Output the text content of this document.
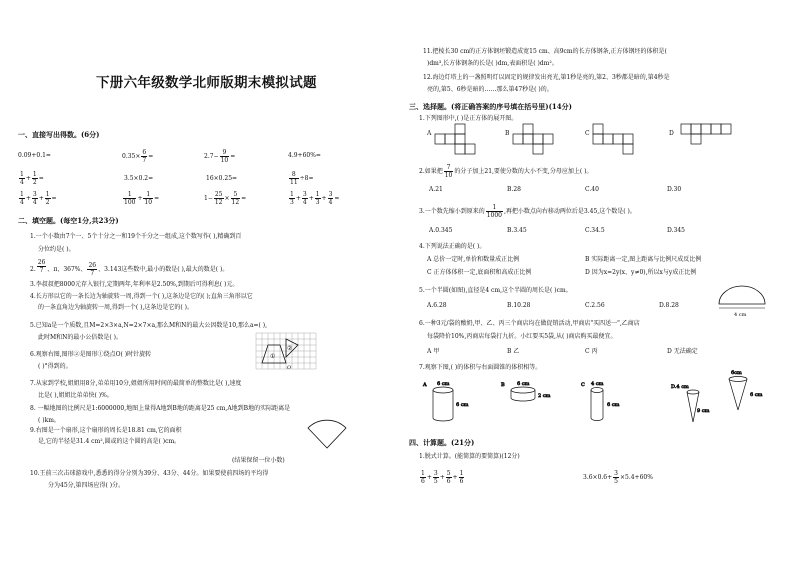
下册六年级数学北师版期末模拟试题
一、直接写出得数。(6分)
0.09+0.1=	$0.35\times \frac{6}{7}$ =	$2.7- \frac{9}{10}$ =	4.9+60%=
$\frac{1}{4} + \frac{1}{2}$ =	3.5×0.2=	16×0.25=	$\frac{8}{11} \div 8=$
$\frac{1}{4} + \frac{3}{4} + \frac{1}{2}$ =	$\frac{1}{100} + \frac{1}{10}$ =	$1- \frac{25}{12} \times \frac{5}{12}$ =	$\frac{1}{3} + \frac{3}{4} + \frac{1}{3} + \frac{3}{4}$ =
二、填空题。(每空1分,共23分)
1.一个小数由7个一、5个十分之一和19个千分之一组成,这个数写作( ),精确到百
分位约是( )。
2. $\frac{26}{7}$ 、π、367%、 $\frac{26}{7}$ 、3.143这些数中,最小的数是( ),最大的数是( )。
3.李叔叔把8000元存入银行,定期两年,年利率是2.50%,到期后可得利息( )元。
4.长方形以它的一条长边为轴旋转一周,得到一个( ),这条边是它的( );直角三角形以它
的一条直角边为轴旋转一周,得到一个( ),这条边是它的( )。
5.已知a是一个质数,且M=2×3×a,N=2×7×a,那么M和N的最大公因数是10,那么a=( ),
此时M和N的最小公倍数是( )。
6.观察右图,图形②是图形①绕点O( )时针旋转
( )°得到的。
①
②
O
7.从家到学校,姐姐用8分,弟弟用10分,姐姐所用时间的最简单的整数比是( ),速度
比是( ),姐姐比弟弟快( )%。
8. 一幅地图的比例尺是1:6000000,地图上量得A地到B地的距离是25 cm,A地到B地的实际距离是
( )km。
9.右图是一个扇形,这个扇形的周长是18.81 cm,它的面积
是,它的半径是31.4 cm²,圆或的这个圆的高是( )cm。
(结果保留一位小数)
10.王前三次击球游戏中,悉悉的得分分别为39分、43分、44分。如果要使前四场的平均得
分为45分,第四场应得( )分。
11.把棱长30 cm的正方体钢坯锻造成宽15 cm、高9cm的长方体钢条,正方体钢坯的体积是(
)dm³,长方体钢条的长是( )dm,表面积是( )dm²。
12.海边灯塔上的一盏照明灯以固定的规律发出亮光,第1秒是亮的,第2、3秒都是暗的,第4秒是
亮的,第5、6秒是暗的……那么第47秒是( )的。
三、选择题。(将正确答案的序号填在括号里)(14分)
1.下列图形中,( )是正方体的展开图。
A	B	C	D
2.如果把 $\frac{7}{10}$ 的分子加上21,要使分数的大小不变,分母应加上( )。
A.21	B.28	C.40	D.30
3.一个数先缩小到原来的 $\frac{1}{1000}$ ,再把小数点向右移动两位后是3.45,这个数是( )。
A.0.345	B.3.45	C.34.5	D.345
4.下列说法正确的是( )。
A 总价一定时,单价和数量成正比例	B 实际距离一定,图上距离与比例尺成反比例
C 正方体体积一定,底面积和高成正比例	D 因为x=2y(x、y≠0),所以x与y成正比例
5.一个半圆(如图),直径是4 cm,这个半圆的周长是( )cm。
A.6.28	B.10.28	C.2.56	D.8.28
4 cm
6.一种3元/袋的酸奶,甲、乙、丙三个商店均在做促销活动,甲商店"买四送一",乙商店
每袋降价10%,丙商店每袋打九折。小红要买5袋,从( )商店购买最便宜。
A 甲	B 乙	C 丙	D 无法确定
7.观察下图,( )的体积与右面圆锥的体积相等。
A 6 cm
6 cm
B 6 cm
2 cm
C 4 cm
6 cm
D.4 cm
9 cm
6cm
6 cm
四、计算题。(21分)
1.脱式计算。(能简算的要简算)(12分)
$\frac{1}{6} + \frac{3}{5} + \frac{5}{6} + \frac{1}{6}$	$3.6\times 0.6+ \frac{3}{5} \times 5.4+60\%$
